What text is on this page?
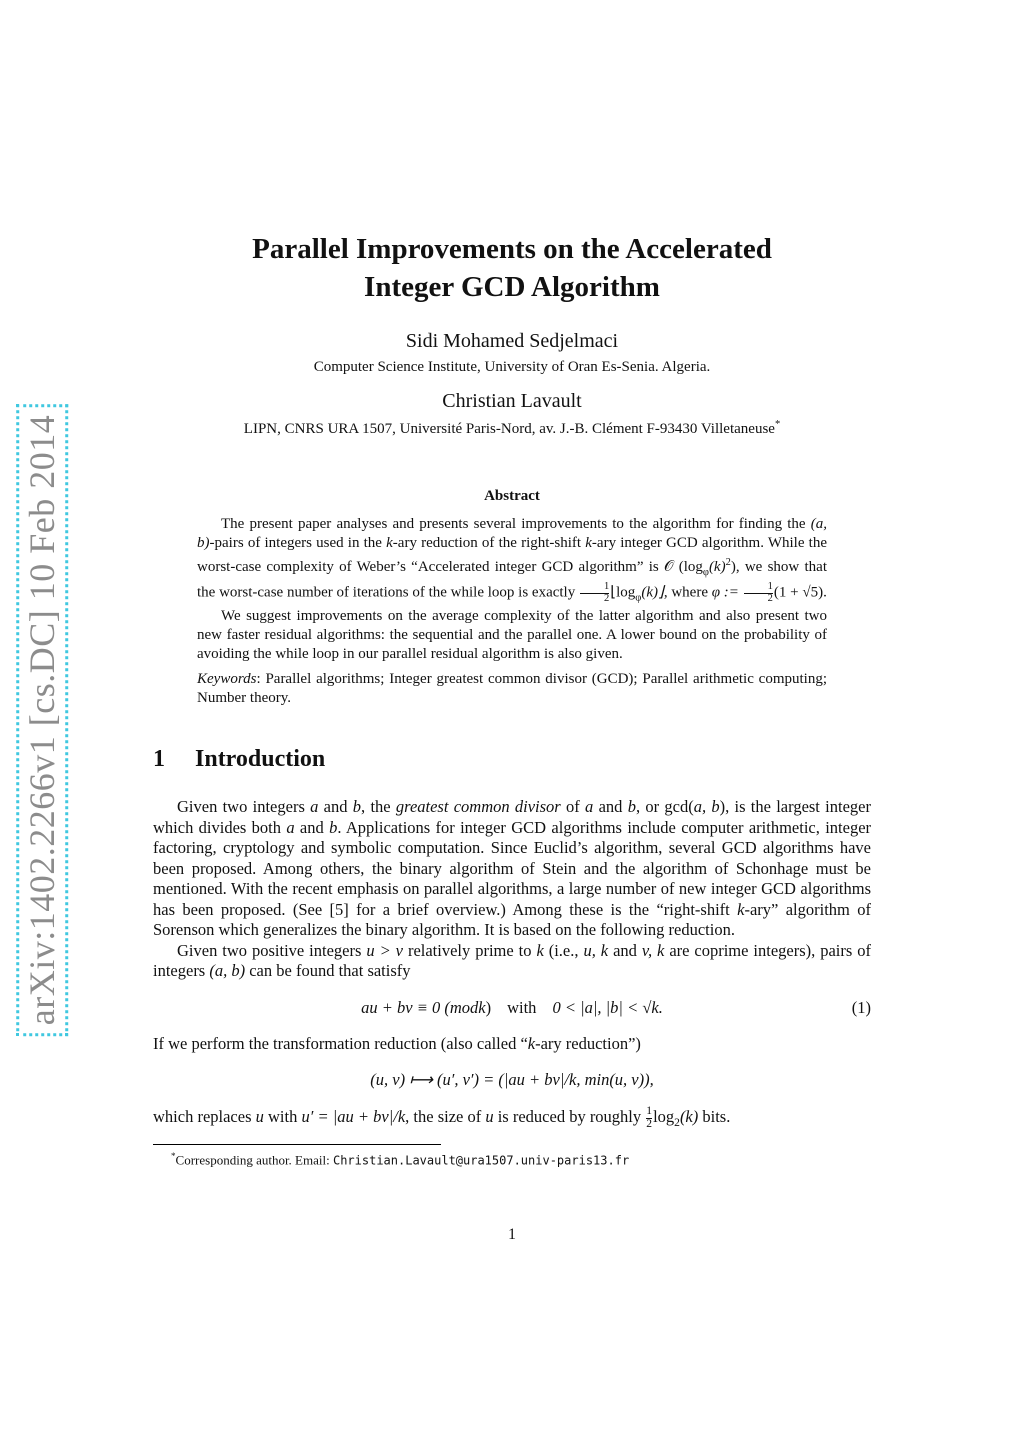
arXiv:1402.2266v1 [cs.DC] 10 Feb 2014
Parallel Improvements on the Accelerated
Integer GCD Algorithm
Sidi Mohamed Sedjelmaci
Computer Science Institute, University of Oran Es-Senia. Algeria.
Christian Lavault
LIPN, CNRS URA 1507, Université Paris-Nord, av. J.-B. Clément F-93430 Villetaneuse*
Abstract

The present paper analyses and presents several improvements to the algorithm for finding the (a, b)-pairs of integers used in the k-ary reduction of the right-shift k-ary integer GCD algorithm. While the worst-case complexity of Weber’s “Accelerated integer GCD algorithm” is 𝒪 $(\log_\varphi(k)^2)$, we show that the worst-case number of iterations of the while loop is exactly $\frac{1}{2}$ $⌊\log_\varphi(k)⌋$, where φ := $\frac{1}{2} (1 + √5)$.

We suggest improvements on the average complexity of the latter algorithm and also present two new faster residual algorithms: the sequential and the parallel one. A lower bound on the probability of avoiding the while loop in our parallel residual algorithm is also given.

Keywords: Parallel algorithms; Integer greatest common divisor (GCD); Parallel arithmetic computing; Number theory.

1 Introduction

Given two integers a and b, the greatest common divisor of a and b, or gcd(a, b), is the largest integer which divides both a and b. Applications for integer GCD algorithms include computer arithmetic, integer factoring, cryptology and symbolic computation. Since Euclid’s algorithm, several GCD algorithms have been proposed. Among others, the binary algorithm of Stein and the algorithm of Schonhage must be mentioned. With the recent emphasis on parallel algorithms, a large number of new integer GCD algorithms has been proposed. (See [5] for a brief overview.) Among these is the “right-shift k-ary” algorithm of Sorenson which generalizes the binary algorithm. It is based on the following reduction.

Given two positive integers u > v relatively prime to k (i.e., u, k and v, k are coprime integers), pairs of integers (a, b) can be found that satisfy

au + bv ≡ 0 (modk) with 0 < |a|, |b| < √k.	(1)

If we perform the transformation reduction (also called “k-ary reduction”)

(u, v) ⟼ (u′, v′) = (|au + bv|/k, min(u, v)),

which replaces u with u′ = |au + bv|/k, the size of u is reduced by roughly $\frac{1}{2} \log_2(k)$ bits.

*Corresponding author. Email: Christian.Lavault@ura1507.univ-paris13.fr
1
